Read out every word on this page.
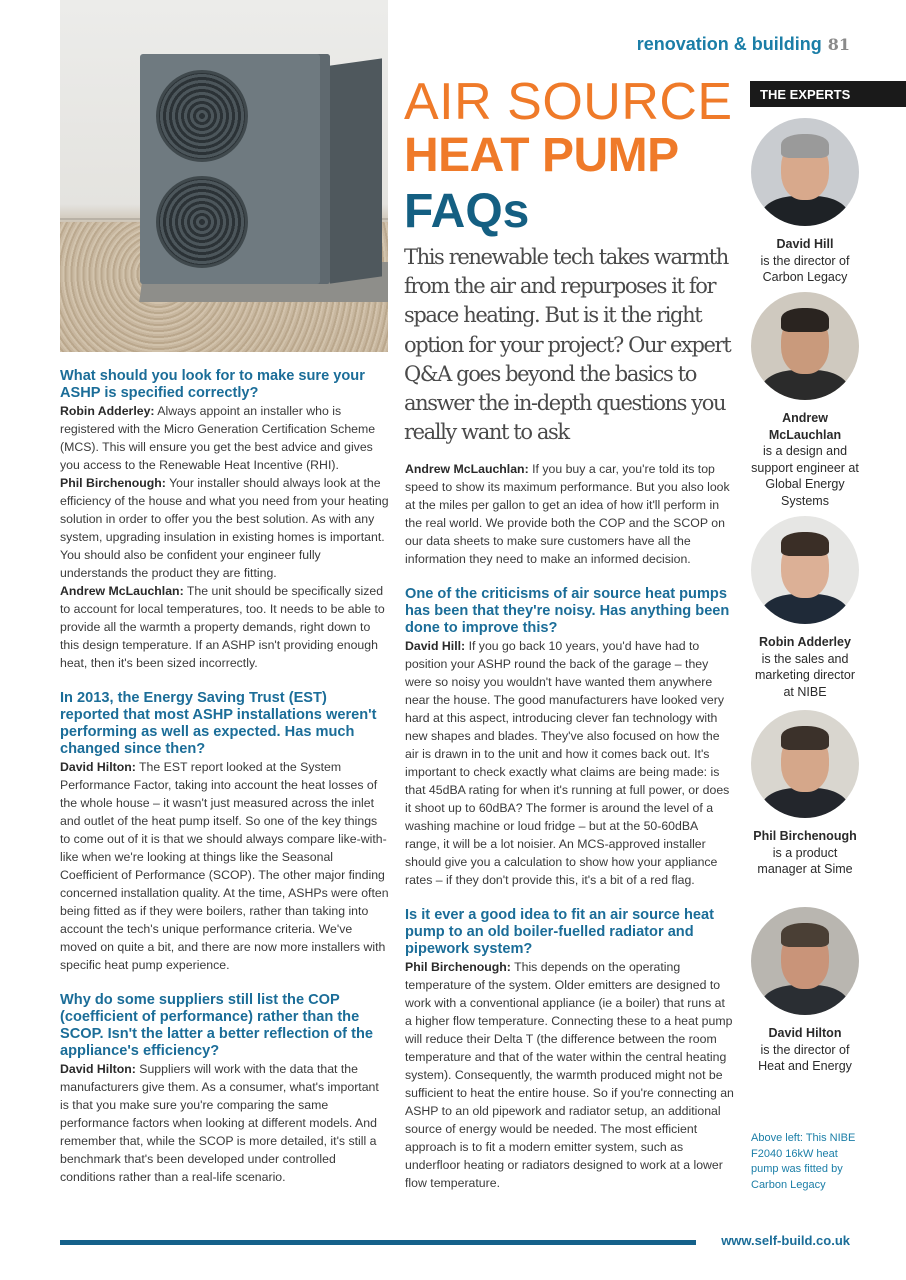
renovation & building 81
AIR SOURCE
HEAT PUMP
FAQs
This renewable tech takes warmth from the air and repurposes it for space heating. But is it the right option for your project? Our expert Q&A goes beyond the basics to answer the in-depth questions you really want to ask
THE EXPERTS
What should you look for to make sure your ASHP is specified correctly?

Robin Adderley: Always appoint an installer who is registered with the Micro Generation Certification Scheme (MCS). This will ensure you get the best advice and gives you access to the Renewable Heat Incentive (RHI).

Phil Birchenough: Your installer should always look at the efficiency of the house and what you need from your heating solution in order to offer you the best solution. As with any system, upgrading insulation in existing homes is important. You should also be confident your engineer fully understands the product they are fitting.

Andrew McLauchlan: The unit should be specifically sized to account for local temperatures, too. It needs to be able to provide all the warmth a property demands, right down to this design temperature. If an ASHP isn't providing enough heat, then it's been sized incorrectly.

In 2013, the Energy Saving Trust (EST) reported that most ASHP installations weren't performing as well as expected. Has much changed since then?

David Hilton: The EST report looked at the System Performance Factor, taking into account the heat losses of the whole house – it wasn't just measured across the inlet and outlet of the heat pump itself. So one of the key things to come out of it is that we should always compare like-with-like when we're looking at things like the Seasonal Coefficient of Performance (SCOP). The other major finding concerned installation quality. At the time, ASHPs were often being fitted as if they were boilers, rather than taking into account the tech's unique performance criteria. We've moved on quite a bit, and there are now more installers with specific heat pump experience.

Why do some suppliers still list the COP (coefficient of performance) rather than the SCOP. Isn't the latter a better reflection of the appliance's efficiency?

David Hilton: Suppliers will work with the data that the manufacturers give them. As a consumer, what's important is that you make sure you're comparing the same performance factors when looking at different models. And remember that, while the SCOP is more detailed, it's still a benchmark that's been developed under controlled conditions rather than a real-life scenario.

Andrew McLauchlan: If you buy a car, you're told its top speed to show its maximum performance. But you also look at the miles per gallon to get an idea of how it'll perform in the real world. We provide both the COP and the SCOP on our data sheets to make sure customers have all the information they need to make an informed decision.

One of the criticisms of air source heat pumps has been that they're noisy. Has anything been done to improve this?

David Hill: If you go back 10 years, you'd have had to position your ASHP round the back of the garage – they were so noisy you wouldn't have wanted them anywhere near the house. The good manufacturers have looked very hard at this aspect, introducing clever fan technology with new shapes and blades. They've also focused on how the air is drawn in to the unit and how it comes back out. It's important to check exactly what claims are being made: is that 45dBA rating for when it's running at full power, or does it shoot up to 60dBA? The former is around the level of a washing machine or loud fridge – but at the 50-60dBA range, it will be a lot noisier. An MCS-approved installer should give you a calculation to show how your appliance rates – if they don't provide this, it's a bit of a red flag.

Is it ever a good idea to fit an air source heat pump to an old boiler-fuelled radiator and pipework system?

Phil Birchenough: This depends on the operating temperature of the system. Older emitters are designed to work with a conventional appliance (ie a boiler) that runs at a higher flow temperature. Connecting these to a heat pump will reduce their Delta T (the difference between the room temperature and that of the water within the central heating system). Consequently, the warmth produced might not be sufficient to heat the entire house. So if you're connecting an ASHP to an old pipework and radiator setup, an additional source of energy would be needed. The most efficient approach is to fit a modern emitter system, such as underfloor heating or radiators designed to work at a lower flow temperature.

David Hill
is the director of Carbon Legacy
Andrew McLauchlan
is a design and support engineer at Global Energy Systems
Robin Adderley
is the sales and marketing director at NIBE
Phil Birchenough
is a product manager at Sime
David Hilton
is the director of Heat and Energy
Above left: This NIBE F2040 16kW heat pump was fitted by Carbon Legacy
www.self-build.co.uk
